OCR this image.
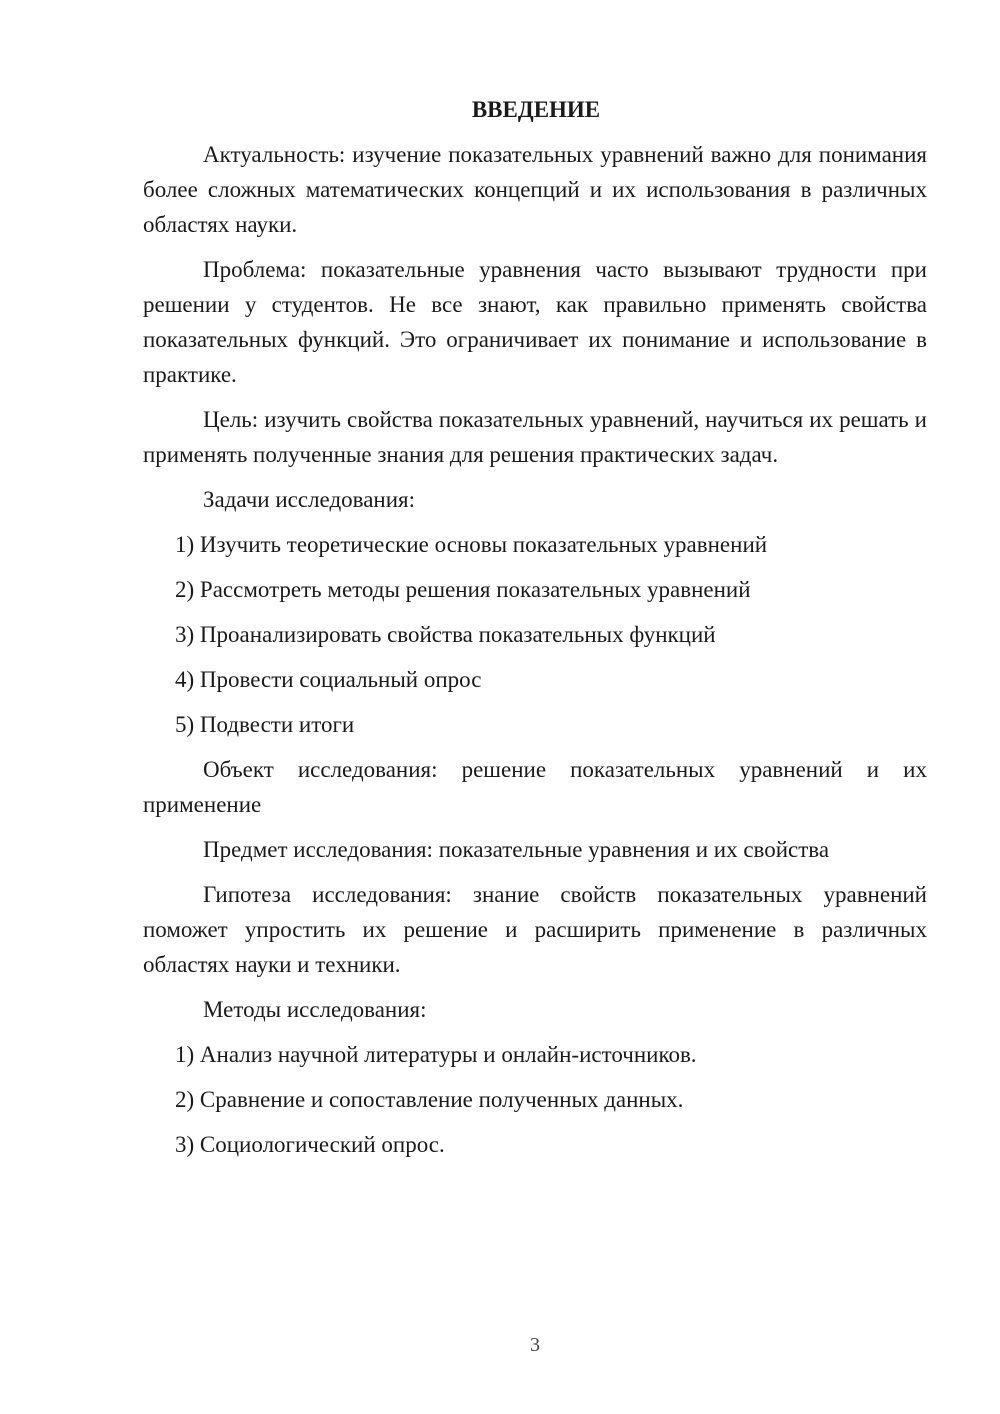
ВВЕДЕНИЕ

Актуальность: изучение показательных уравнений важно для понимания более сложных математических концепций и их использования в различных областях науки.

Проблема: показательные уравнения часто вызывают трудности при решении у студентов. Не все знают, как правильно применять свойства показательных функций. Это ограничивает их понимание и использование в практике.

Цель: изучить свойства показательных уравнений, научиться их решать и применять полученные знания для решения практических задач.

Задачи исследования:

1) Изучить теоретические основы показательных уравнений
2) Рассмотреть методы решения показательных уравнений
3) Проанализировать свойства показательных функций
4) Провести социальный опрос
5) Подвести итоги

Объект исследования: решение показательных уравнений и их применение

Предмет исследования: показательные уравнения и их свойства

Гипотеза исследования: знание свойств показательных уравнений поможет упростить их решение и расширить применение в различных областях науки и техники.

Методы исследования:

1) Анализ научной литературы и онлайн-источников.
2) Сравнение и сопоставление полученных данных.
3) Социологический опрос.
3
